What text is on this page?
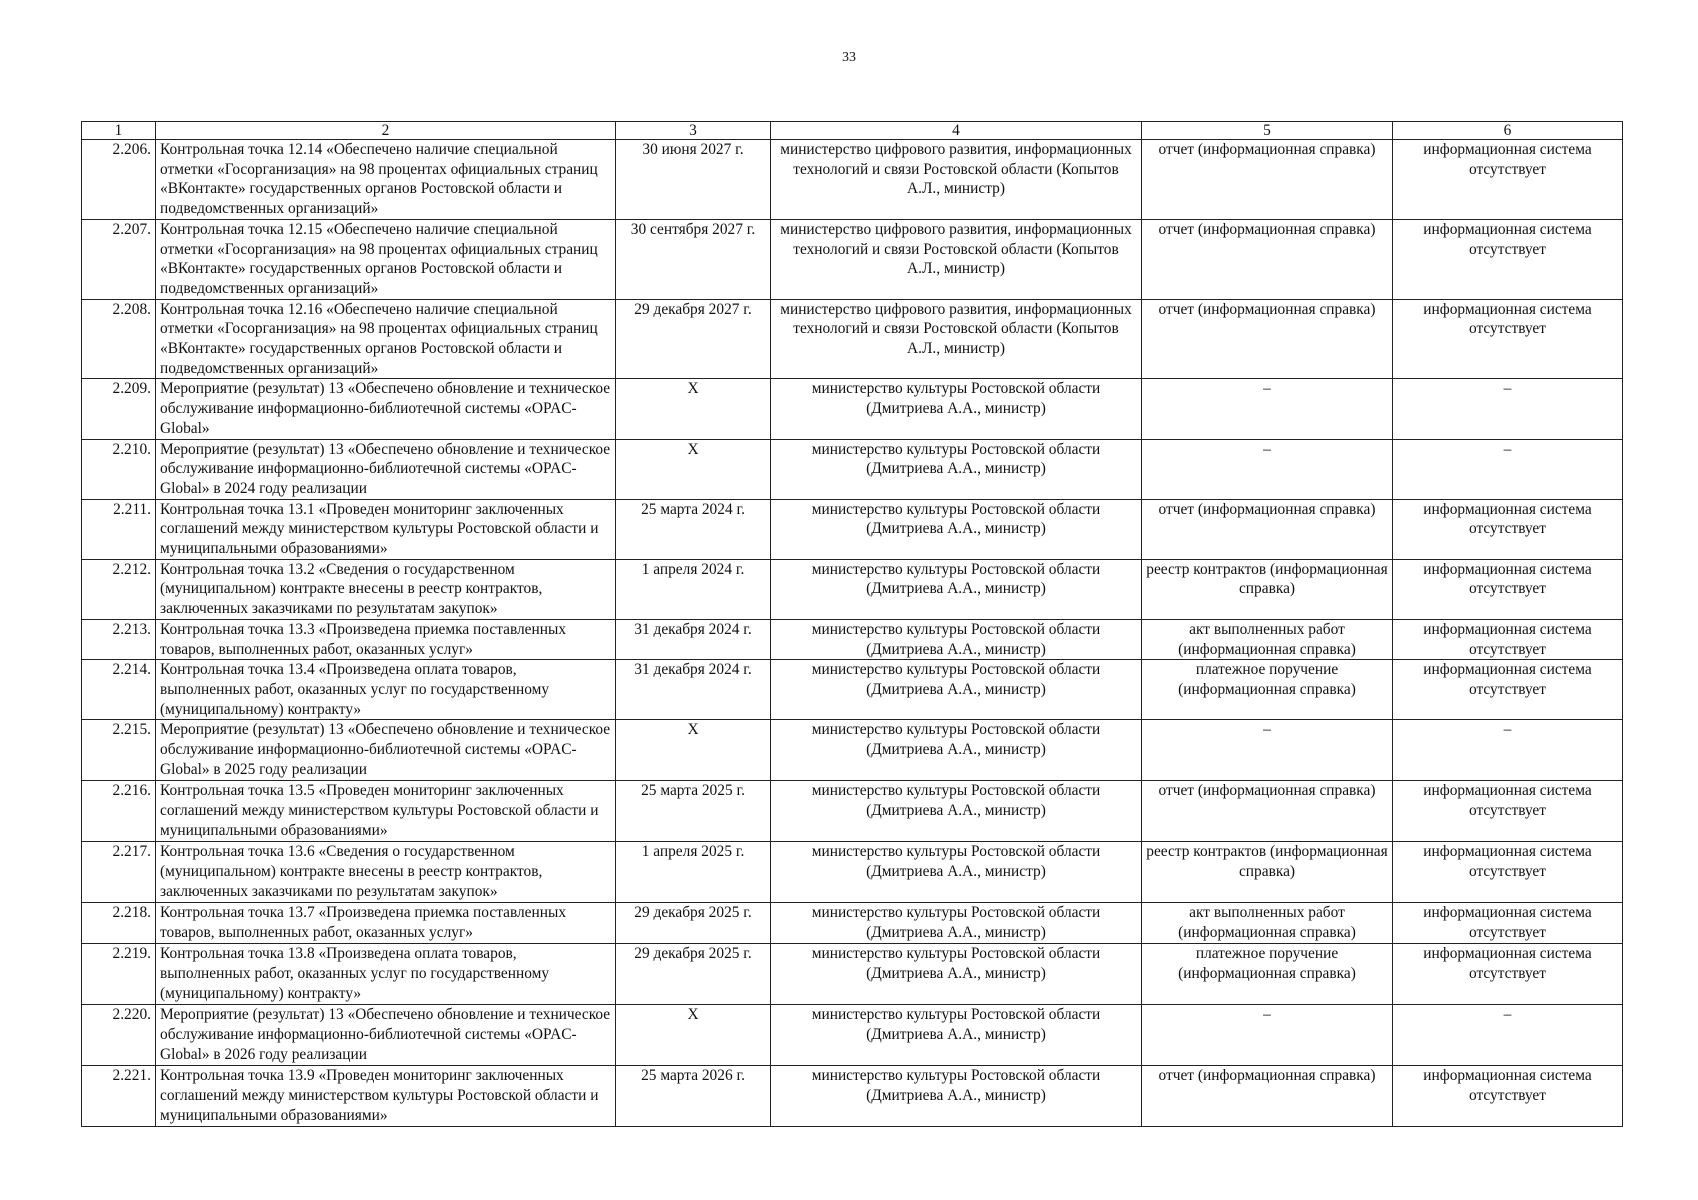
33
1	2	3	4	5	6
2.206.	Контрольная точка 12.14 «Обеспечено наличие специальной отметки «Госорганизация» на 98 процентах официальных страниц «ВКонтакте» государственных органов Ростовской области и подведомственных организаций»	30 июня 2027 г.	министерство цифрового развития, информационных технологий и связи Ростовской области (Копытов А.Л., министр)	отчет (информационная справка)	информационная система отсутствует
2.207.	Контрольная точка 12.15 «Обеспечено наличие специальной отметки «Госорганизация» на 98 процентах официальных страниц «ВКонтакте» государственных органов Ростовской области и подведомственных организаций»	30 сентября 2027 г.	министерство цифрового развития, информационных технологий и связи Ростовской области (Копытов А.Л., министр)	отчет (информационная справка)	информационная система отсутствует
2.208.	Контрольная точка 12.16 «Обеспечено наличие специальной отметки «Госорганизация» на 98 процентах официальных страниц «ВКонтакте» государственных органов Ростовской области и подведомственных организаций»	29 декабря 2027 г.	министерство цифрового развития, информационных технологий и связи Ростовской области (Копытов А.Л., министр)	отчет (информационная справка)	информационная система отсутствует
2.209.	Мероприятие (результат) 13 «Обеспечено обновление и техническое обслуживание информационно-библиотечной системы «OPAC-Global»	Х	министерство культуры Ростовской области (Дмитриева А.А., министр)	–	–
2.210.	Мероприятие (результат) 13 «Обеспечено обновление и техническое обслуживание информационно-библиотечной системы «OPAC-Global» в 2024 году реализации	Х	министерство культуры Ростовской области (Дмитриева А.А., министр)	–	–
2.211.	Контрольная точка 13.1 «Проведен мониторинг заключенных соглашений между министерством культуры Ростовской области и муниципальными образованиями»	25 марта 2024 г.	министерство культуры Ростовской области (Дмитриева А.А., министр)	отчет (информационная справка)	информационная система отсутствует
2.212.	Контрольная точка 13.2 «Сведения о государственном (муниципальном) контракте внесены в реестр контрактов, заключенных заказчиками по результатам закупок»	1 апреля 2024 г.	министерство культуры Ростовской области (Дмитриева А.А., министр)	реестр контрактов (информационная справка)	информационная система отсутствует
2.213.	Контрольная точка 13.3 «Произведена приемка поставленных товаров, выполненных работ, оказанных услуг»	31 декабря 2024 г.	министерство культуры Ростовской области (Дмитриева А.А., министр)	акт выполненных работ (информационная справка)	информационная система отсутствует
2.214.	Контрольная точка 13.4 «Произведена оплата товаров, выполненных работ, оказанных услуг по государственному (муниципальному) контракту»	31 декабря 2024 г.	министерство культуры Ростовской области (Дмитриева А.А., министр)	платежное поручение (информационная справка)	информационная система отсутствует
2.215.	Мероприятие (результат) 13 «Обеспечено обновление и техническое обслуживание информационно-библиотечной системы «OPAC-Global» в 2025 году реализации	Х	министерство культуры Ростовской области (Дмитриева А.А., министр)	–	–
2.216.	Контрольная точка 13.5 «Проведен мониторинг заключенных соглашений между министерством культуры Ростовской области и муниципальными образованиями»	25 марта 2025 г.	министерство культуры Ростовской области (Дмитриева А.А., министр)	отчет (информационная справка)	информационная система отсутствует
2.217.	Контрольная точка 13.6 «Сведения о государственном (муниципальном) контракте внесены в реестр контрактов, заключенных заказчиками по результатам закупок»	1 апреля 2025 г.	министерство культуры Ростовской области (Дмитриева А.А., министр)	реестр контрактов (информационная справка)	информационная система отсутствует
2.218.	Контрольная точка 13.7 «Произведена приемка поставленных товаров, выполненных работ, оказанных услуг»	29 декабря 2025 г.	министерство культуры Ростовской области (Дмитриева А.А., министр)	акт выполненных работ (информационная справка)	информационная система отсутствует
2.219.	Контрольная точка 13.8 «Произведена оплата товаров, выполненных работ, оказанных услуг по государственному (муниципальному) контракту»	29 декабря 2025 г.	министерство культуры Ростовской области (Дмитриева А.А., министр)	платежное поручение (информационная справка)	информационная система отсутствует
2.220.	Мероприятие (результат) 13 «Обеспечено обновление и техническое обслуживание информационно-библиотечной системы «OPAC-Global» в 2026 году реализации	Х	министерство культуры Ростовской области (Дмитриева А.А., министр)	–	–
2.221.	Контрольная точка 13.9 «Проведен мониторинг заключенных соглашений между министерством культуры Ростовской области и муниципальными образованиями»	25 марта 2026 г.	министерство культуры Ростовской области (Дмитриева А.А., министр)	отчет (информационная справка)	информационная система отсутствует
